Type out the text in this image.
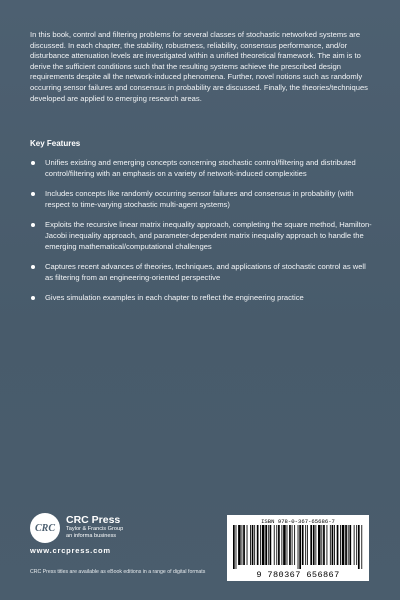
In this book, control and filtering problems for several classes of stochastic networked systems are discussed. In each chapter, the stability, robustness, reliability, consensus performance, and/or disturbance attenuation levels are investigated within a unified theoretical framework. The aim is to derive the sufficient conditions such that the resulting systems achieve the prescribed design requirements despite all the network-induced phenomena. Further, novel notions such as randomly occurring sensor failures and consensus in probability are discussed. Finally, the theories/techniques developed are applied to emerging research areas.

Key Features

Unifies existing and emerging concepts concerning stochastic control/filtering and distributed control/filtering with an emphasis on a variety of network-induced complexities
Includes concepts like randomly occurring sensor failures and consensus in probability (with respect to time-varying stochastic multi-agent systems)
Exploits the recursive linear matrix inequality approach, completing the square method, Hamilton-Jacobi inequality approach, and parameter-dependent matrix inequality approach to handle the emerging mathematical/computational challenges
Captures recent advances of theories, techniques, and applications of stochastic control as well as filtering from an engineering-oriented perspective
Gives simulation examples in each chapter to reflect the engineering practice
CRC

CRC Press

Taylor & Francis Group

an informa business

www.crcpress.com
CRC Press titles are available as eBook editions in a range of digital formats
ISBN 978-0-367-65686-7
9 780367 656867
